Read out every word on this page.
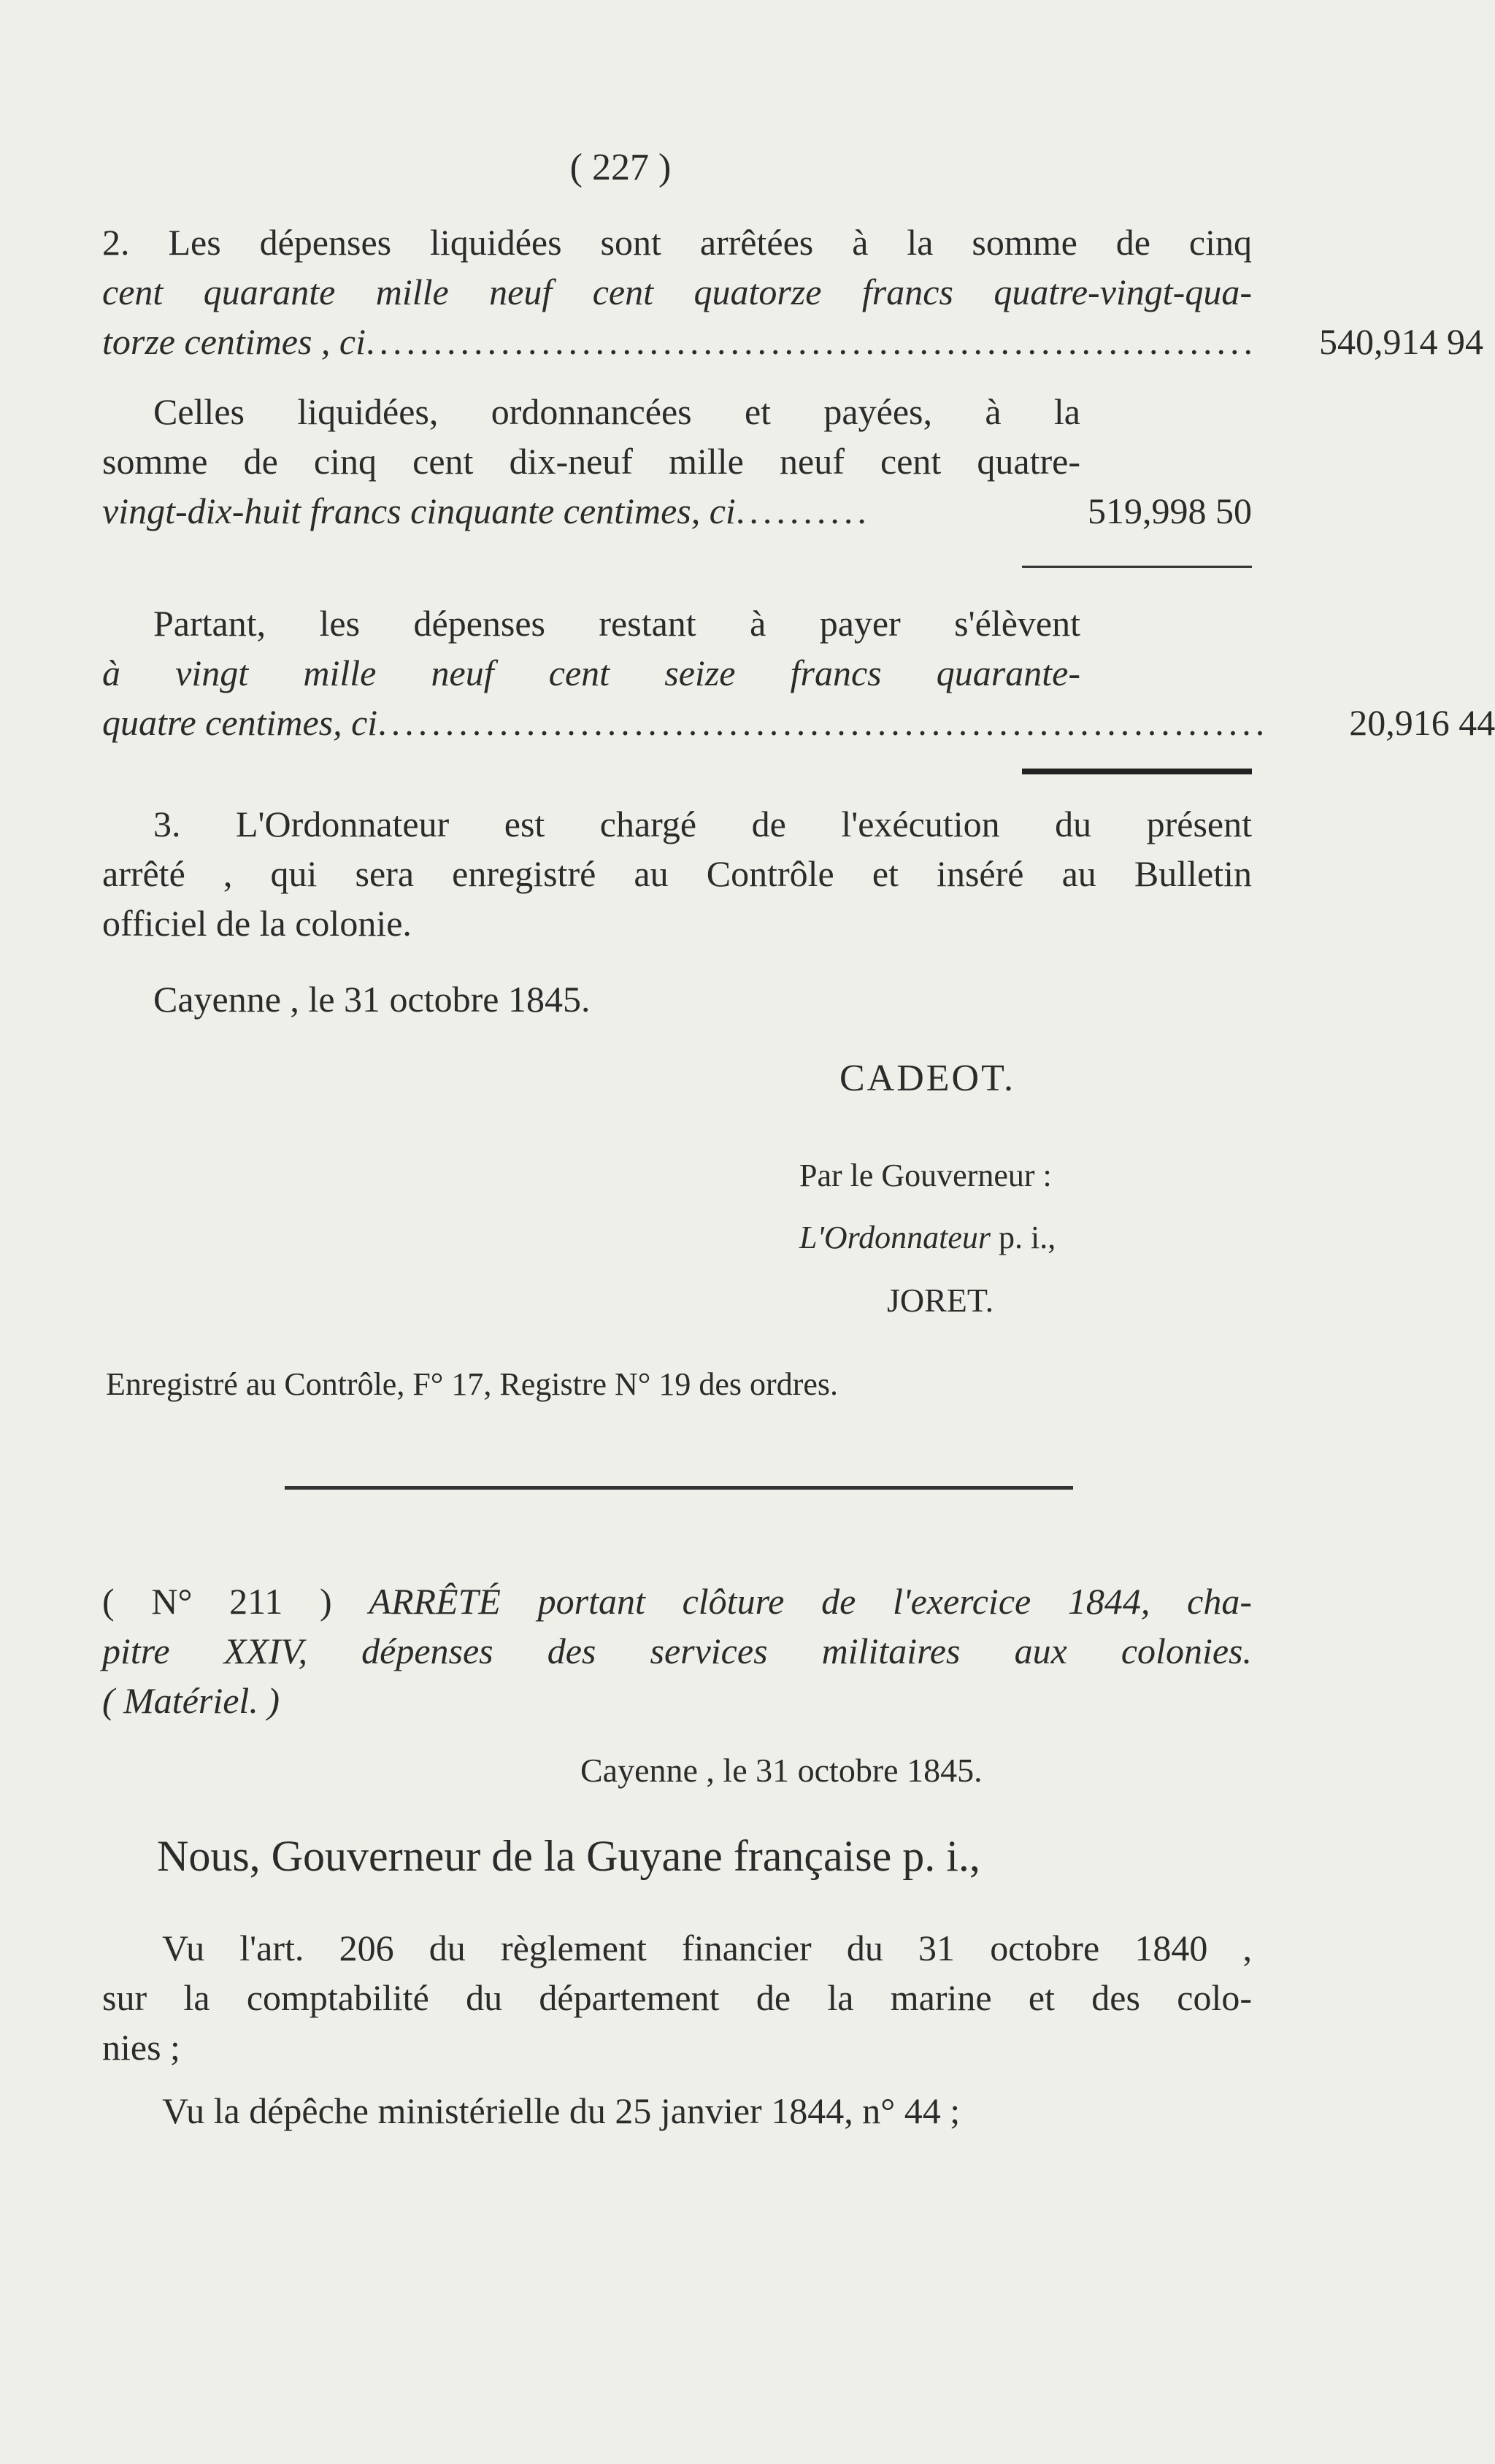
( 227 )
2. Les dépenses liquidées sont arrêtées à la somme de cinq
cent quarante mille neuf cent quatorze francs quatre-vingt-qua-
torze centimes , ci ..................................................................	540,914 94
Celles liquidées, ordonnancées et payées, à la
somme de cinq cent dix-neuf mille neuf cent quatre-
vingt-dix-huit francs cinquante centimes, ci ..........	519,998 50
Partant, les dépenses restant à payer s'élèvent
à vingt mille neuf cent seize francs quarante-
quatre centimes, ci ..................................................................	20,916 44
3. L'Ordonnateur est chargé de l'exécution du présent
arrêté , qui sera enregistré au Contrôle et inséré au Bulletin
officiel de la colonie.
Cayenne , le 31 octobre 1845.
CADEOT.
Par le Gouverneur :
L'Ordonnateur p. i.,
JORET.
Enregistré au Contrôle, F° 17, Registre N° 19 des ordres.
( N° 211 ) ARRÊTÉ portant clôture de l'exercice 1844, cha-
pitre XXIV, dépenses des services militaires aux colonies.
( Matériel. )
Cayenne , le 31 octobre 1845.
Nous, Gouverneur de la Guyane française p. i.,
Vu l'art. 206 du règlement financier du 31 octobre 1840 ,
sur la comptabilité du département de la marine et des colo-
nies ;
Vu la dépêche ministérielle du 25 janvier 1844, n° 44 ;
